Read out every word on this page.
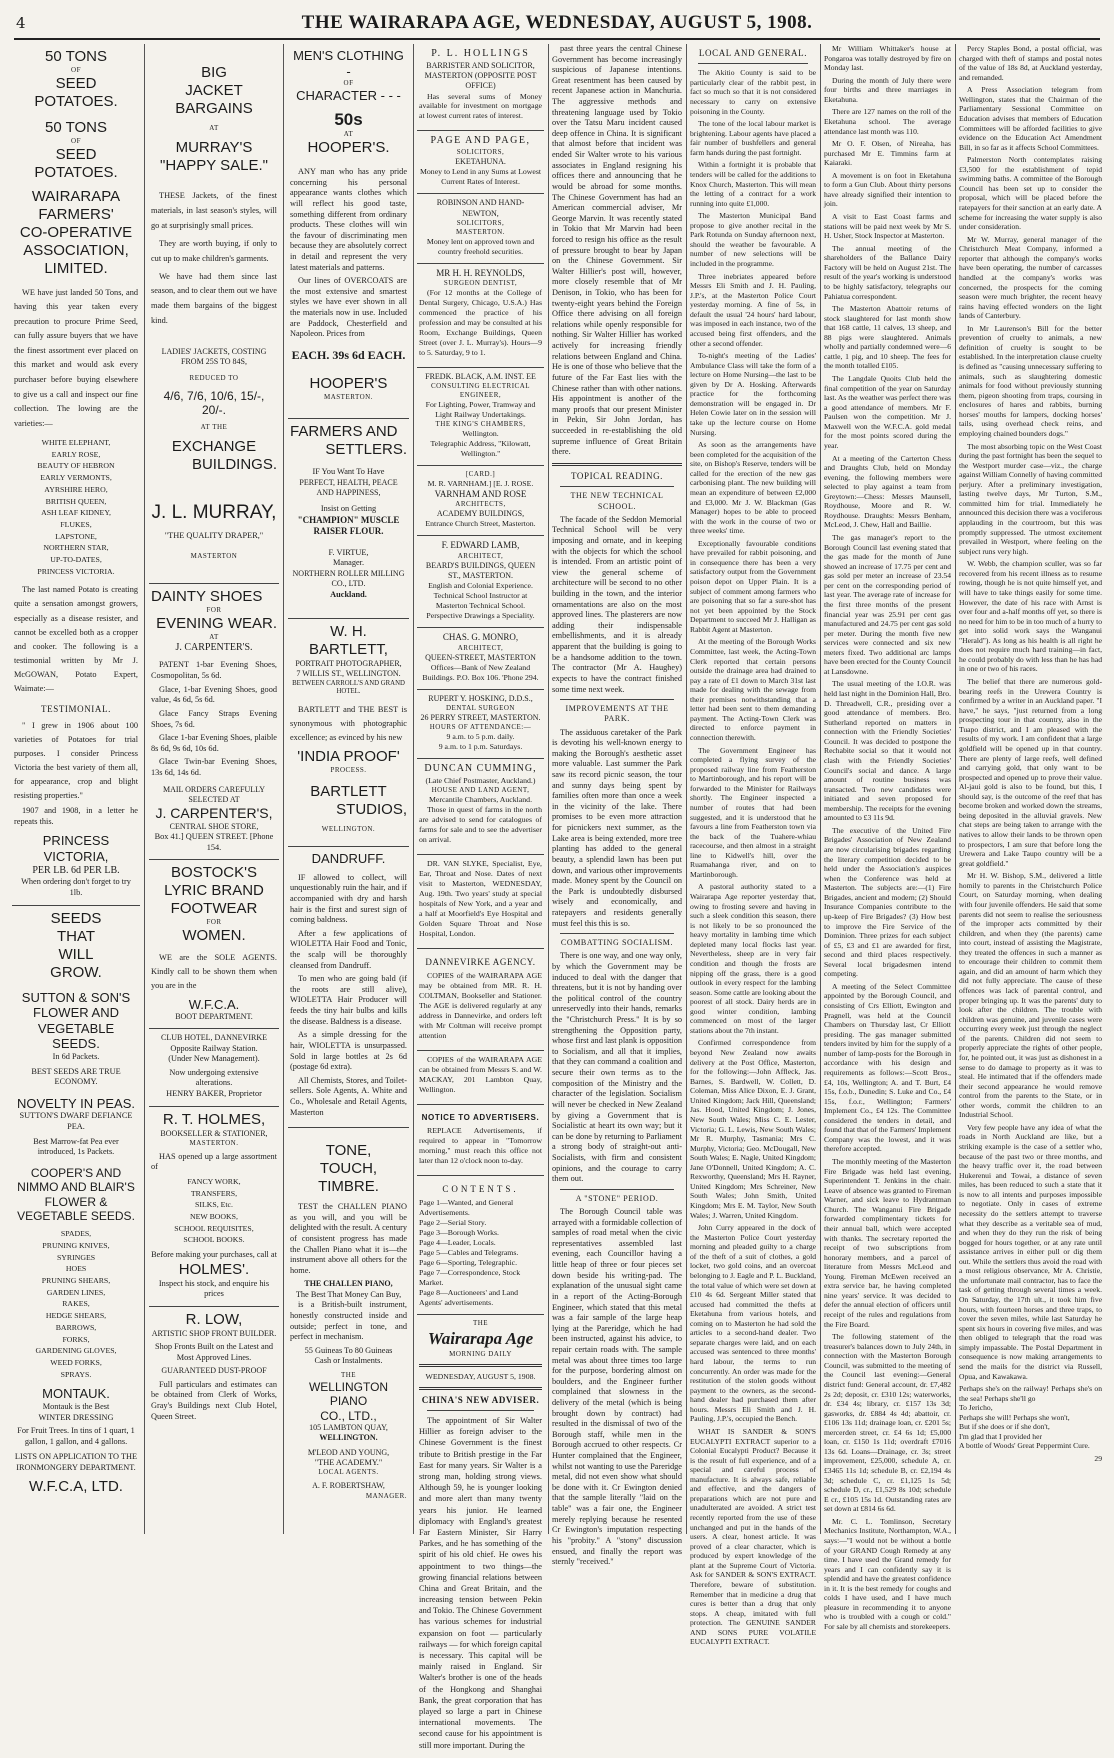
4	THE WAIRARAPA AGE, WEDNESDAY, AUGUST 5, 1908.
50 TONS
OF
SEED POTATOES.
50 TONS
OF
SEED POTATOES.
WAIRARAPA
FARMERS'
CO-OPERATIVE
ASSOCIATION,
LIMITED.

WE have just landed 50 Tons, and having this year taken every precaution to procure Prime Seed, can fully assure buyers that we have the finest assortment ever placed on this market and would ask every purchaser before buying elsewhere to give us a call and inspect our fine collection. The lowing are the varieties:—

WHITE ELEPHANT,
EARLY ROSE,
BEAUTY OF HEBRON
EARLY VERMONTS,
AYRSHIRE HERO,
BRITISH QUEEN,
ASH LEAF KIDNEY,
FLUKES,
LAPSTONE,
NORTHERN STAR,
UP-TO-DATES,
PRINCESS VICTORIA.

The last named Potato is creating quite a sensation amongst growers, especially as a disease resister, and cannot be excelled both as a cropper and cooker. The following is a testimonial written by Mr J. McGOWAN, Potato Expert, Waimate:—

TESTIMONIAL.

" I grew in 1906 about 100 varieties of Potatoes for trial purposes. I consider Princess Victoria the best variety of them all, for appearance, crop and blight resisting properties."

1907 and 1908, in a letter he repeats this.

PRINCESS VICTORIA,
PER LB. 6d PER LB.
When ordering don't forget to try 1lb.
SEEDS
THAT
WILL
GROW.
SUTTON & SON'S
FLOWER AND
VEGETABLE SEEDS.
In 6d Packets.
BEST SEEDS ARE TRUE ECONOMY.
NOVELTY IN PEAS.
SUTTON'S DWARF DEFIANCE PEA.
Best Marrow-fat Pea ever introduced, 1s Packets.
COOPER'S AND
NIMMO AND BLAIR'S
FLOWER &
VEGETABLE SEEDS.
SPADES,
PRUNING KNIVES,
SYRINGES
HOES
PRUNING SHEARS,
GARDEN LINES,
RAKES,
HEDGE SHEARS,
BARROWS,
FORKS,
GARDENING GLOVES,
WEED FORKS,
SPRAYS.
MONTAUK.
Montauk is the Best
WINTER DRESSING
For Fruit Trees. In tins of 1 quart, 1 gallon, 1 gallon, and 4 gallons.
LISTS ON APPLICATION TO THE
IRONMONGERY DEPARTMENT.
W.F.C.A, LTD.
BIG
JACKET BARGAINS
AT
MURRAY'S
"HAPPY SALE."

THESE Jackets, of the finest materials, in last season's styles, will go at surprisingly small prices.

They are worth buying, if only to cut up to make children's garments.

We have had them since last season, and to clear them out we have made them bargains of the biggest kind.

LADIES' JACKETS, COSTING FROM 25S TO 84S,
REDUCED TO
4/6, 7/6, 10/6, 15/-, 20/-.
AT THE
EXCHANGE
BUILDINGS.
J. L. MURRAY,
"THE QUALITY DRAPER,"
MASTERTON
DAINTY SHOES
FOR
EVENING WEAR.
AT
J. CARPENTER'S.

PATENT 1-bar Evening Shoes, Cosmopolitan, 5s 6d.

Glace, 1-bar Evening Shoes, good value, 4s 6d, 5s 6d.

Glace Fancy Straps Evening Shoes, 7s 6d.

Glace 1-bar Evening Shoes, plaible 8s 6d, 9s 6d, 10s 6d.

Glace Twin-bar Evening Shoes, 13s 6d, 14s 6d.

MAIL ORDERS CAREFULLY
SELECTED AT
J. CARPENTER'S,
CENTRAL SHOE STORE,
Box 41.] QUEEN STREET. [Phone 154.
BOSTOCK'S
LYRIC BRAND
FOOTWEAR
FOR
WOMEN.

WE are the SOLE AGENTS. Kindly call to be shown them when you are in the

W.F.C.A.
BOOT DEPARTMENT.
CLUB HOTEL, DANNEVIRKE
Opposite Railway Station.
(Under New Management).
Now undergoing extensive alterations.
HENRY BAKER, Proprietor
R. T. HOLMES,
BOOKSELLER & STATIONER,
MASTERTON.

HAS opened up a large assortment of

FANCY WORK,
TRANSFERS,
SILKS, Etc.
NEW BOOKS,
SCHOOL REQUISITES,
SCHOOL BOOKS.
Before making your purchases, call at
HOLMES'.
Inspect his stock, and enquire his prices
R. LOW,
ARTISTIC SHOP FRONT BUILDER.
Shop Fronts Built on the Latest and Most Approved Lines.
GUARANTEED DUST-PROOF

Full particulars and estimates can be obtained from Clerk of Works, Gray's Buildings next Club Hotel, Queen Street.

MEN'S CLOTHING -
OF
CHARACTER - - -
50s
AT
HOOPER'S.

ANY man who has any pride concerning his personal appearance wants clothes which will reflect his good taste, something different from ordinary products. These clothes will win the favour of discriminating men because they are absolutely correct in detail and represent the very latest materials and patterns.

Our lines of OVERCOATS are the most extensive and smartest styles we have ever shown in all the materials now in use. Included are Paddock, Chesterfield and Napoleon. Prices from

EACH. 39s 6d EACH.
HOOPER'S
MASTERTON.
FARMERS AND
SETTLERS.
IF You Want To Have
PERFECT, HEALTH, PEACE AND HAPPINESS,
Insist on Getting
"CHAMPION" MUSCLE RAISER FLOUR.
F. VIRTUE,
Manager.
NORTHERN ROLLER MILLING CO., LTD.
Auckland.
W. H. BARTLETT,
PORTRAIT PHOTOGRAPHER,
7 WILLIS ST., WELLINGTON.
BETWEEN CARROLL'S AND GRAND HOTEL.

BARTLETT and THE BEST is synonymous with photographic excellence; as evinced by his new

'INDIA PROOF'
PROCESS.
BARTLETT
STUDIOS,
WELLINGTON.
DANDRUFF.

IF allowed to collect, will unquestionably ruin the hair, and if accompanied with dry and harsh hair is the first and surest sign of coming baldness.

After a few applications of WIOLETTA Hair Food and Tonic, the scalp will be thoroughly cleansed from Dandruff.

To men who are going bald (if the roots are still alive), WIOLETTA Hair Producer will feeds the tiny hair bulbs and kills the disease. Baldness is a disease.

As a simple dressing for the hair, WIOLETTA is unsurpassed. Sold in large bottles at 2s 6d (postage 6d extra).

All Chemists, Stores, and Toilet-sellers. Sole Agents, A. White and Co., Wholesale and Retail Agents, Masterton

TONE,
TOUCH,
TIMBRE.

TEST the CHALLEN PIANO as you will, and you will be delighted with the result. A century of consistent progress has made the Challen Piano what it is—the instrument above all others for the home.

THE CHALLEN PIANO,
The Best That Money Can Buy,

is a British-built instrument, honestly constructed inside and outside; perfect in tone, and perfect in mechanism.

55 Guineas To 80 Guineas
Cash or Instalments.
THE
WELLINGTON PIANO
CO., LTD.,
105 LAMBTON QUAY,
WELLINGTON.
M'LEOD AND YOUNG,
"THE ACADEMY."
LOCAL AGENTS.
A. F. ROBERTSHAW,
MANAGER.
P. L. HOLLINGS
BARRISTER AND SOLICITOR,
MASTERTON (OPPOSITE POST OFFICE)

Has several sums of Money available for investment on mortgage at lowest current rates of interest.

PAGE AND PAGE,
SOLICITORS,
EKETAHUNA.
Money to Lend in any Sums at Lowest Current Rates of Interest.
ROBINSON AND HAND-NEWTON,
SOLICITORS,
MASTERTON.
Money lent on approved town and country freehold securities.
MR H. H. REYNOLDS,
SURGEON DENTIST,

(For 12 months at the College of Dental Surgery, Chicago, U.S.A.) Has commenced the practice of his profession and may be consulted at his Room, Exchange Buildings, Queen Street (over J. L. Murray's). Hours—9 to 5. Saturday, 9 to 1.

FREDK. BLACK, A.M. INST. EE
CONSULTING ELECTRICAL ENGINEER,
For Lighting, Power, Tramway and Light Railway Undertakings.
THE KING'S CHAMBERS,
Wellington.
Telegraphic Address, "Kilowatt, Wellington."
[CARD.]
M. R. VARNHAM.] [E. J. ROSE.
VARNHAM AND ROSE
ARCHITECTS,
ACADEMY BUILDINGS,
Entrance Church Street, Masterton.
F. EDWARD LAMB,
ARCHITECT,
BEARD'S BUILDINGS, QUEEN ST., MASTERTON.
English and Colonial Experience. Technical School Instructor at Masterton Technical School.
Perspective Drawings a Speciality.
CHAS. G. MONRO,
ARCHITECT,
QUEEN-STREET, MASTERTON
Offices—Bank of New Zealand Buildings. P.O. Box 106. 'Phone 294.
RUPERT Y. HOSKING, D.D.S.,
DENTAL SURGEON
26 PERRY STREET, MASTERTON.
HOURS OF ATTENDANCE:—
9 a.m. to 5 p.m. daily.
9 a.m. to 1 p.m. Saturdays.
DUNCAN CUMMING,
(Late Chief Postmaster, Auckland.)
HOUSE AND LAND AGENT,
Mercantile Chambers, Auckland.

Those in quest of farms in the north are advised to send for catalogues of farms for sale and to see the advertiser on arrival.

DR. VAN SLYKE, Specialist, Eye, Ear, Throat and Nose. Dates of next visit to Masterton, WEDNESDAY, Aug. 19th. Two years' study at special hospitals of New York, and a year and a half at Moorfield's Eye Hospital and Golden Square Throat and Nose Hospital, London.

DANNEVIRKE AGENCY.

COPIES of the WAIRARAPA AGE may be obtained from MR. R. H. COLTMAN, Bookseller and Stationer. The AGE is delivered regularly at any address in Dannevirke, and orders left with Mr Coltman will receive prompt attention

COPIES of the WAIRARAPA AGE can be obtained from Messrs S. and W. MACKAY, 201 Lambton Quay, Wellington.

NOTICE TO ADVERTISERS.

REPLACE Advertisements, if required to appear in "Tomorrow morning," must reach this office not later than 12 o'clock noon to-day.

CONTENTS.
Page 1—Wanted, and General Advertisements.
Page 2—Serial Story.
Page 3—Borough Works.
Page 4—Leader, Locals.
Page 5—Cables and Telegrams.
Page 6—Sporting, Telegraphic.
Page 7—Correspondence, Stock Market.
Page 8—Auctioneers' and Land Agents' advertisements.
THE
Wairarapa Age
MORNING DAILY
WEDNESDAY, AUGUST 5, 1908.
CHINA'S NEW ADVISER.

The appointment of Sir Walter Hillier as foreign adviser to the Chinese Government is the finest tribute to British prestige in the Far East for many years. Sir Walter is a strong man, holding strong views. Although 59, he is younger looking and more alert than many twenty years his junior. He learned diplomacy with England's greatest Far Eastern Minister, Sir Harry Parkes, and he has something of the spirit of his old chief. He owes his appointment to two things—the growing financial relations between China and Great Britain, and the increasing tension between Pekin and Tokio. The Chinese Government has various schemes for industrial expansion on foot — particularly railways — for which foreign capital is necessary. This capital will be mainly raised in England. Sir Walter's brother is one of the heads of the Hongkong and Shanghai Bank, the great corporation that has played so large a part in Chinese international movements. The second cause for his appointment is still more important. During the

past three years the central Chinese Government has become increasingly suspicious of Japanese intentions. Great resentment has been caused by recent Japanese action in Manchuria. The aggressive methods and threatening language used by Tokio over the Tatsu Maru incident caused deep offence in China. It is significant that almost before that incident was ended Sir Walter wrote to his various associates in England resigning his offices there and announcing that he would be abroad for some months. The Chinese Government has had an American commercial adviser, Mr George Marvin. It was recently stated in Tokio that Mr Marvin had been forced to resign his office as the result of pressure brought to bear by Japan on the Chinese Government. Sir Walter Hillier's post will, however, more closely resemble that of Mr Denison, in Tokio, who has been for twenty-eight years behind the Foreign Office there advising on all foreign relations while openly responsible for nothing. Sir Walter Hillier has worked actively for increasing friendly relations between England and China. He is one of those who believe that the future of the Far East lies with the Chinese rather than with other nations. His appointment is another of the many proofs that our present Minister in Pekin, Sir John Jordan, has succeeded in re-establishing the old supreme influence of Great Britain there.

TOPICAL READING.
THE NEW TECHNICAL SCHOOL.

The facade of the Seddon Memorial Technical School will be very imposing and ornate, and in keeping with the objects for which the school is intended. From an artistic point of view the general scheme of architecture will be second to no other building in the town, and the interior ornamentations are also on the most approved lines. The plasterers are now adding their indispensable embellishments, and it is already apparent that the building is going to be a handsome addition to the town. The contractor (Mr A. Haughey) expects to have the contract finished some time next week.

IMPROVEMENTS AT THE PARK.

The assiduous caretaker of the Park is devoting his well-known energy to making the Borough's aesthetic asset more valuable. Last summer the Park saw its record picnic season, the tour and sunny days being spent by families often more than once a week in the vicinity of the lake. There promises to be even more attraction for picnickers next summer, as the Lake area is being extended, more tree planting has added to the general beauty, a splendid lawn has been put down, and various other improvements made. Money spent by the Council on the Park is undoubtedly disbursed wisely and economically, and ratepayers and residents generally must feel this this is so.

COMBATTING SOCIALISM.

There is one way, and one way only, by which the Government may be induced to deal with the danger that threatens, but it is not by handing over the political control of the country unreservedly into their hands, remarks the "Christchurch Press." It is by so strengthening the Opposition party, whose first and last plank is opposition to Socialism, and all that it implies, that they can command a coalition and secure their own terms as to the composition of the Ministry and the character of the legislation. Socialism will never be checked in New Zealand by giving a Government that is Socialistic at heart its own way; but it can be done by returning to Parliament a strong body of straight-out anti-Socialists, with firm and consistent opinions, and the courage to carry them out.

A "STONE" PERIOD.

The Borough Council table was arrayed with a formidable collection of samples of road metal when the civic representatives assembled last evening, each Councillor having a little heap of three or four pieces set down beside his writing-pad. The explanation of the unusual sight came in a report of the Acting-Borough Engineer, which stated that this metal was a fair sample of the large heap lying at the Pareridge, which he had been instructed, against his advice, to repair certain roads with. The sample metal was about three times too large for the purpose, bordering almost on boulders, and the Engineer further complained that slowness in the delivery of the metal (which is being brought down by contract) had resulted in the dismissal of two of the Borough staff, while men in the Borough accrued to other respects. Cr Hunter complained that the Engineer, whilst not wanting to use the Pareridge metal, did not even show what should be done with it. Cr Ewington denied that the sample literally "laid on the table" was a fair one, the Engineer merely replying because he resented Cr Ewington's imputation respecting his "probity." A "stony" discussion ensued, and finally the report was sternly "received."

LOCAL AND GENERAL.

The Akitio County is said to be particularly clear of the rabbit pest, in fact so much so that it is not considered necessary to carry on extensive poisoning in the County.

The tone of the local labour market is brightening. Labour agents have placed a fair number of bushfellers and general farm hands during the past fortnight.

Within a fortnight it is probable that tenders will be called for the additions to Knox Church, Masterton. This will mean the letting of a contract for a work running into quite £1,000.

The Masterton Municipal Band propose to give another recital in the Park Rotunda on Sunday afternoon next, should the weather be favourable. A number of new selections will be included in the programme.

Three inebriates appeared before Messrs Eli Smith and J. H. Pauling, J.P.'s, at the Masterton Police Court yesterday morning. A fine of 5s, in default the usual '24 hours' hard labour, was imposed in each instance, two of the accused being first offenders, and the other a second offender.

To-night's meeting of the Ladies' Ambulance Class will take the form of a lecture on Home Nursing—the last to be given by Dr A. Hosking. Afterwards practice for the forthcoming demonstration will be engaged in. Dr Helen Cowie later on in the session will take up the lecture course on Home Nursing.

As soon as the arrangements have been completed for the acquisition of the site, on Bishop's Reserve, tenders will be called for the erection of the new gas carbonising plant. The new building will mean an expenditure of between £2,000 and £3,000. Mr J. W. Blackman (Gas Manager) hopes to be able to proceed with the work in the course of two or three weeks' time.

Exceptionally favourable conditions have prevailed for rabbit poisoning, and in consequence there has been a very satisfactory output from the Government poison depot on Upper Plain. It is a subject of comment among farmers who are poisoning that so far a sure-shot has not yet been appointed by the Stock Department to succeed Mr J. Halligan as Rabbit Agent at Masterton.

At the meeting of the Borough Works Committee, last week, the Acting-Town Clerk reported that certain persons outside the drainage area had drained to pay a rate of £1 down to March 31st last made for dealing with the sewage from their premises notwithstanding that a letter had been sent to them demanding payment. The Acting-Town Clerk was directed to enforce payment in connection therewith.

The Government Engineer has completed a flying survey of the proposed railway line from Featherston to Martinborough, and his report will be forwarded to the Minister for Railways shortly. The Engineer inspected a number of routes that had been suggested, and it is understood that he favours a line from Featherston town via the back of the Tuahere-whiau racecourse, and then almost in a straight line to Kidwell's hill, over the Ruamahanga river, and on to Martinborough.

A pastoral authority stated to a Wairarapa Age reporter yesterday that, owing to frosting severe and having in such a sleek condition this season, there is not likely to be so pronounced the heavy mortality in lambing time which depleted many local flocks last year. Nevertheless, sheep are in very fair condition and though the frosts are nipping off the grass, there is a good outlook in every respect for the lambing season. Some cattle are looking about the poorest of all stock. Dairy herds are in good winter condition, lambing commenced on most of the larger stations about the 7th instant.

Confirmed correspondence from beyond New Zealand now awaits delivery at the Post Office, Masterton, for the following:—John Affleck, Jas. Barnes, S. Bardwell, W. Collett, D. Coleman, Miss Alice Dixon, E. J. Grant, United Kingdom; Jack Hill, Queensland; Jas. Hood, United Kingdom; J. Jones, New South Wales; Miss C. E. Lester, Victoria; G. L. Lewis, New South Wales; Mr R. Murphy, Tasmania; Mrs C. Murphy, Victoria; Geo. McDougall, New South Wales; E. Nagle, United Kingdom; Jane O'Donnell, United Kingdom; A. C. Rexworthy, Queensland; Mrs H. Rayner, United Kingdom; Mrs Schreiner, New South Wales; John Smith, United Kingdom; Mrs E. M. Taylor, New South Wales; J. Warren, United Kingdom.

John Curry appeared in the dock of the Masterton Police Court yesterday morning and pleaded guilty to a charge of the theft of a suit of clothes, a gold locket, two gold coins, and an overcoat belonging to J. Eagle and P. L. Buckland, the total value of which were set down at £10 4s 6d. Sergeant Miller stated that accused had committed the thefts at Eketahuna from various hotels, and coming on to Masterton he had sold the articles to a second-hand dealer. Two separate charges were laid, and on each accused was sentenced to three months' hard labour, the terms to run concurrently. An order was made for the restitution of the stolen goods without payment to the owners, as the second-hand dealer had purchased them after hours. Messrs Eli Smith and J. H. Pauling, J.P.'s, occupied the Bench.

WHAT IS SANDER & SON'S EUCALYPTI EXTRACT superior to a Colonial Eucalypti Product? Because it is the result of full experience, and of a special and careful process of manufacture. It is always safe, reliable and effective, and the dangers of preparations which are not pure and unadulterated are avoided. A strict test recently reported from the use of these unchanged and put in the hands of the users. A clear, honest article. It was proved of a clear character, which is produced by expert knowledge of the plant at the Supreme Court of Victoria. Ask for SANDER & SON'S EXTRACT. Therefore, beware of substitution. Remember that in medicine a drug that cures is better than a drug that only stops. A cheap, imitated with full protection. The GENUINE SANDER AND SONS PURE VOLATILE EUCALYPTI EXTRACT.

Mr William Whittaker's house at Pongaroa was totally destroyed by fire on Monday last.

During the month of July there were four births and three marriages in Eketahuna.

There are 127 names on the roll of the Eketahuna school. The average attendance last month was 110.

Mr O. F. Olsen, of Nireaha, has purchased Mr E. Timmins farm at Kaiaraki.

A movement is on foot in Eketahuna to form a Gun Club. About thirty persons have already signified their intention to join.

A visit to East Coast farms and stations will be paid next week by Mr S. H. Usher, Stock Inspector at Masterton.

The annual meeting of the shareholders of the Ballance Dairy Factory will be held on August 21st. The result of the year's working is understood to be highly satisfactory, telegraphs our Pahiatua correspondent.

The Masterton Abattoir returns of stock slaughtered for last month show that 168 cattle, 11 calves, 13 sheep, and 88 pigs were slaughtered. Animals wholly and partially condemned were—6 cattle, 1 pig, and 10 sheep. The fees for the month totalled £105.

The Langdale Quoits Club held the final competition of the year on Saturday last. As the weather was perfect there was a good attendance of members. Mr F. Paulsen won the competition. Mr J. Maxwell won the W.F.C.A. gold medal for the most points scored during the year.

At a meeting of the Carterton Chess and Draughts Club, held on Monday evening, the following members were selected to play against a team from Greytown:—Chess: Messrs Maunsell, Roydhouse, Moore and R. W. Roydhouse. Draughts: Messrs Benham, McLeod, J. Chew, Hall and Baillie.

The gas manager's report to the Borough Council last evening stated that the gas made for the month of June showed an increase of 17.75 per cent and gas sold per meter an increase of 23.54 per cent on the corresponding period of last year. The average rate of increase for the first three months of the present financial year was 25.91 per cent gas manufactured and 24.75 per cent gas sold per meter. During the month five new services were connected and six new meters fixed. Two additional arc lamps have been erected for the County Council at Lansdowne.

The usual meeting of the I.O.R. was held last night in the Dominion Hall, Bro. D. Threadwell, C.R., presiding over a good attendance of members. Bro. Sutherland reported on matters in connection with the Friendly Societies' Council. It was decided to postpone the Rechabite social so that it would not clash with the Friendly Societies' Council's social and dance. A large amount of routine business was transacted. Two new candidates were initiated and seven proposed for membership. The receipts for the evening amounted to £3 11s 9d.

The executive of the United Fire Brigades' Association of New Zealand are now circularising brigades regarding the literary competition decided to be held under the Association's auspices when the Conference was held at Masterton. The subjects are:—(1) Fire Brigades, ancient and modern; (2) Should Insurance Companies contribute to the up-keep of Fire Brigades? (3) How best to improve the Fire Service of the Dominion. Three prizes for each subject of £5, £3 and £1 are awarded for first, second and third places respectively. Several local brigadesmen intend competing.

A meeting of the Select Committee appointed by the Borough Council, and consisting of Crs Elliott, Ewington and Pragnell, was held at the Council Chambers on Thursday last, Cr Elliott presiding. The gas manager submitted tenders invited by him for the supply of a number of lamp-posts for the Borough in accordance with his design and requirements as follows:—Scott Bros., £4, 10s, Wellington; A. and T. Burt, £4 15s, f.o.b., Dunedin; S. Luke and Co., £4 15s, f.o.r., Wellington; Farmers' Implement Co., £4 12s. The Committee considered the tenders in detail, and found that that of the Farmers' Implement Company was the lowest, and it was therefore accepted.

The monthly meeting of the Masterton Fire Brigade was held last evening, Superintendent T. Jenkins in the chair. Leave of absence was granted to Fireman Warner, and sick leave to Hydrantman Church. The Wanganui Fire Brigade forwarded complimentary tickets for their annual ball, which were accepted with thanks. The secretary reported the receipt of two subscriptions from honorary members, and a parcel of literature from Messrs McLeod and Young. Fireman McEwen received an extra service bar, he having completed nine years' service. It was decided to defer the annual election of officers until receipt of the rules and regulations from the Fire Board.

The following statement of the treasurer's balances down to July 24th, in connection with the Masterton Borough Council, was submitted to the meeting of the Council last evening:—General district fund: General account, dr. £7,482 2s 2d; deposit, cr. £310 12s; waterworks, dr. £34 4s; library, cr. £157 13s 3d; gasworks, dr. £884 4s 4d; abattoir, cr. £106 13s 11d; drainage loan, cr. £201 5s; mercerden street, cr. £4 6s 1d; £5,000 loan, cr. £150 1s 11d; overdraft £7016 13s 6d. Loans—Drainage, cr. 3s; street improvement, £25,000, schedule A, cr. £3465 11s 1d; schedule B, cr. £2,194 4s 3d; schedule C, cr. £1,125 1s 5d; schedule D, cr., £1,529 8s 10d; schedule E cr., £105 15s 1d. Outstanding rates are set down at £814 6s 6d.

Mr. C. L. Tomlinson, Secretary Mechanics Institute, Northampton, W.A., says:—"I would not be without a bottle of your GRAND Cough Remedy at any time. I have used the Grand remedy for years and I can confidently say it is splendid and have the greatest confidence in it. It is the best remedy for coughs and colds I have used, and I have much pleasure in recommending it to anyone who is troubled with a cough or cold." For sale by all chemists and storekeepers.

Percy Staples Bond, a postal official, was charged with theft of stamps and postal notes of the value of 18s 8d, at Auckland yesterday, and remanded.

A Press Association telegram from Wellington, states that the Chairman of the Parliamentary Sessional Committee on Education advises that members of Education Committees will be afforded facilities to give evidence on the Education Act Amendment Bill, in so far as it affects School Committees.

Palmerston North contemplates raising £3,500 for the establishment of tepid swimming baths. A committee of the Borough Council has been set up to consider the proposal, which will be placed before the ratepayers for their sanction at an early date. A scheme for increasing the water supply is also under consideration.

Mr W. Murray, general manager of the Christchurch Meat Company, informed a reporter that although the company's works have been operating, the number of carcasses handled at the company's works was concerned, the prospects for the coming season were much brighter, the recent heavy rains having effected wonders on the light lands of Canterbury.

In Mr Laurenson's Bill for the better prevention of cruelty to animals, a new definition of cruelty is sought to be established. In the interpretation clause cruelty is defined as "causing unnecessary suffering to animals, such as slaughtering domestic animals for food without previously stunning them, pigeon shooting from traps, coursing in enclosures of hares and rabbits, burning horses' mouths for lampers, docking horses' tails, using overhead check reins, and employing chained bounders dogs."

The most absorbing topic on the West Coast during the past fortnight has been the sequel to the Westport murder case—viz., the charge against William Connelly of having committed perjury. After a preliminary investigation, lasting twelve days, Mr Turton, S.M., committed him for trial. Immediately he announced this decision there was a vociferous applauding in the courtroom, but this was promptly suppressed. The utmost excitement prevailed in Westport, where feeling on the subject runs very high.

W. Webb, the champion sculler, was so far recovered from his recent illness as to resume rowing, though he is not quite himself yet, and will have to take things easily for some time. However, the date of his race with Arnst is over four and a-half months off yet, so there is no need for him to be in too much of a hurry to get into solid work says the Wanganui "Herald"). As long as his health is all right he does not require much hard training—in fact, he could probably do with less than he has had in one or two of his races.

The belief that there are numerous gold-bearing reefs in the Urewera Country is confirmed by a writer in an Auckland paper. "I have," he says, "just returned from a long prospecting tour in that country, also in the Tuapo district, and I am pleased with the results of my work. I am confident that a large goldfield will be opened up in that country. There are plenty of large reefs, well defined and carrying gold, that only want to be prospected and opened up to prove their value. Al-jaui gold is also to be found, but this, I should say, is the outcome of the reef that has become broken and worked down the streams, being deposited in the alluvial gravels. New chat steps are being taken to arrange with the natives to allow their lands to be thrown open to prospectors, I am sure that before long the Urewera and Lake Taupo country will be a great goldfield."

Mr H. W. Bishop, S.M., delivered a little homily to parents in the Christchurch Police Court, on Saturday morning, when dealing with four juvenile offenders. He said that some parents did not seem to realise the seriousness of the improper acts committed by their children, and when they (the parents) came into court, instead of assisting the Magistrate, they treated the offences in such a manner as to encourage their children to commit them again, and did an amount of harm which they did not fully appreciate. The cause of these offences was lack of parental control, and proper bringing up. It was the parents' duty to look after the children. The trouble with children was genuine, and juvenile cases were occurring every week just through the neglect of the parents. Children did not seem to properly appreciate the rights of other people, for, he pointed out, it was just as dishonest in a sense to do damage to property as it was to steal. He intimated that if the offenders made their second appearance he would remove control from the parents to the State, or in other words, commit the children to an Industrial School.

Very few people have any idea of what the roads in North Auckland are like, but a striking example is the case of a settler who, because of the past two or three months, and the heavy traffic over it, the road between Hukerenui and Towai, a distance of seven miles, has been reduced to such a state that it is now to all intents and purposes impossible to negotiate. Only in cases of extreme necessity do the settlers attempt to traverse what they describe as a veritable sea of mud, and when they do they run the risk of being bogged for hours together, or at any rate until assistance arrives in either pull or dig them out. While the settlers thus avoid the road with a most religious observance, Mr A. Christie, the unfortunate mail contractor, has to face the task of getting through several times a week. On Saturday, the 17th ult., it took him five hours, with fourteen horses and three traps, to cover the seven miles, while last Saturday he spent six hours in covering five miles, and was then obliged to telegraph that the road was simply impassable. The Postal Department in consequence is now making arrangements to send the mails for the district via Russell, Opua, and Kawakawa.

Perhaps she's on the railway! Perhaps she's on the sea! Perhaps she'll go
To Jericho,
Perhaps she will! Perhaps she won't,
But if she does or if she don't,
I'm glad that I provided her
A bottle of Woods' Great Peppermint Cure.

29
